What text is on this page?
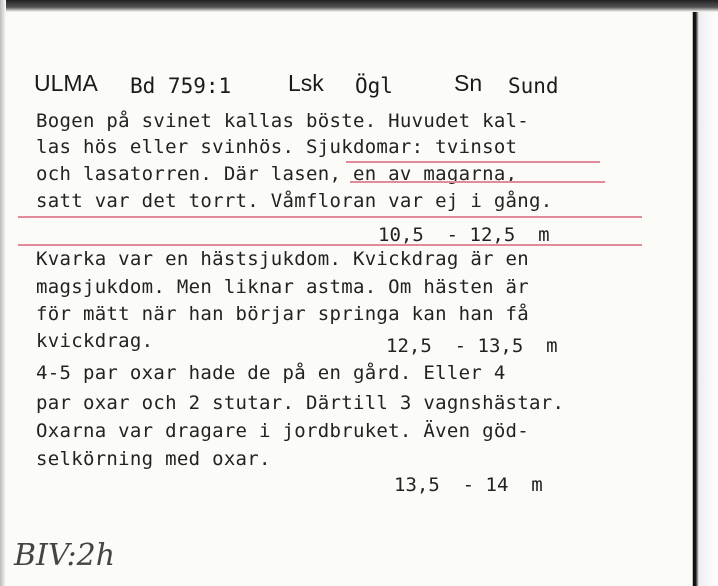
ULMA Bd 759:1 Lsk Ögl	Sn Sund
Bogen på svinet kallas böste. Huvudet kal-
las hös eller svinhös. Sjukdomar: tvinsot
och lasatorren. Där lasen, en av magarna,
satt var det torrt. Våmfloran var ej i gång.
10,5  - 12,5  m
Kvarka var en hästsjukdom. Kvickdrag är en
magsjukdom. Men liknar astma. Om hästen är
för mätt när han börjar springa kan han få
kvickdrag.	12,5  - 13,5  m
4-5 par oxar hade de på en gård. Eller 4
par oxar och 2 stutar. Därtill 3 vagnshästar.
Oxarna var dragare i jordbruket. Även göd-
selkörning med oxar.
13,5  - 14  m
BIV:2h
